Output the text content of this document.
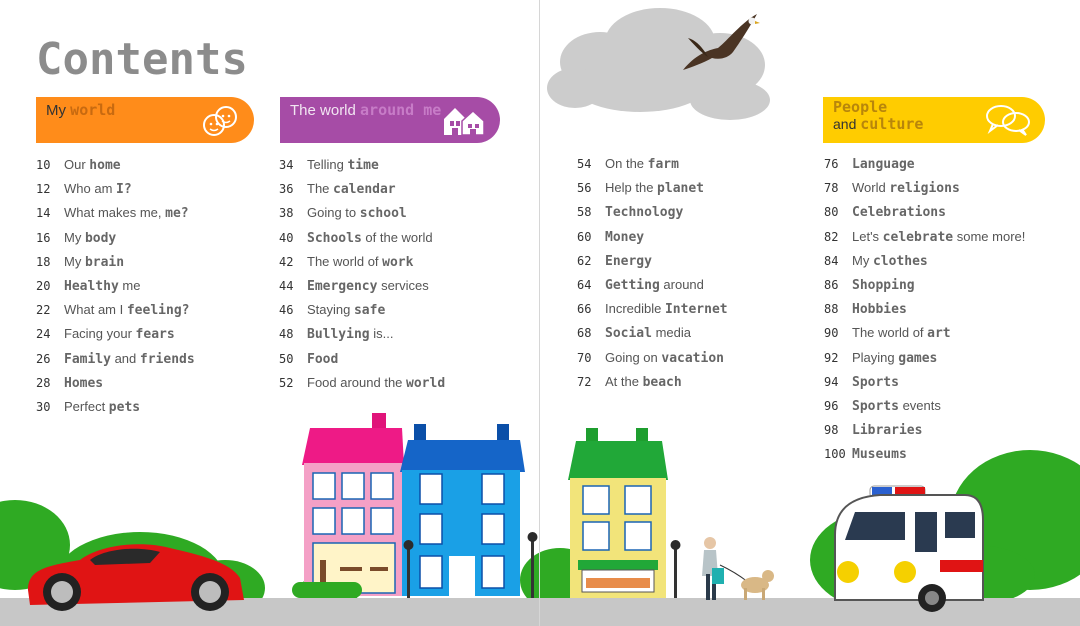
Contents
My world	The world around me	People
and culture
10	Our home
12	Who am I?
14	What makes me, me?
16	My body
18	My brain
20	Healthy me
22	What am I feeling?
24	Facing your fears
26	Family and friends
28	Homes
30	Perfect pets
34	Telling time
36	The calendar
38	Going to school
40	Schools of the world
42	The world of work
44	Emergency services
46	Staying safe
48	Bullying is...
50	Food
52	Food around the world
54	On the farm
56	Help the planet
58	Technology
60	Money
62	Energy
64	Getting around
66	Incredible Internet
68	Social media
70	Going on vacation
72	At the beach
76	Language
78	World religions
80	Celebrations
82	Let's celebrate some more!
84	My clothes
86	Shopping
88	Hobbies
90	The world of art
92	Playing games
94	Sports
96	Sports events
98	Libraries
100 Museums
